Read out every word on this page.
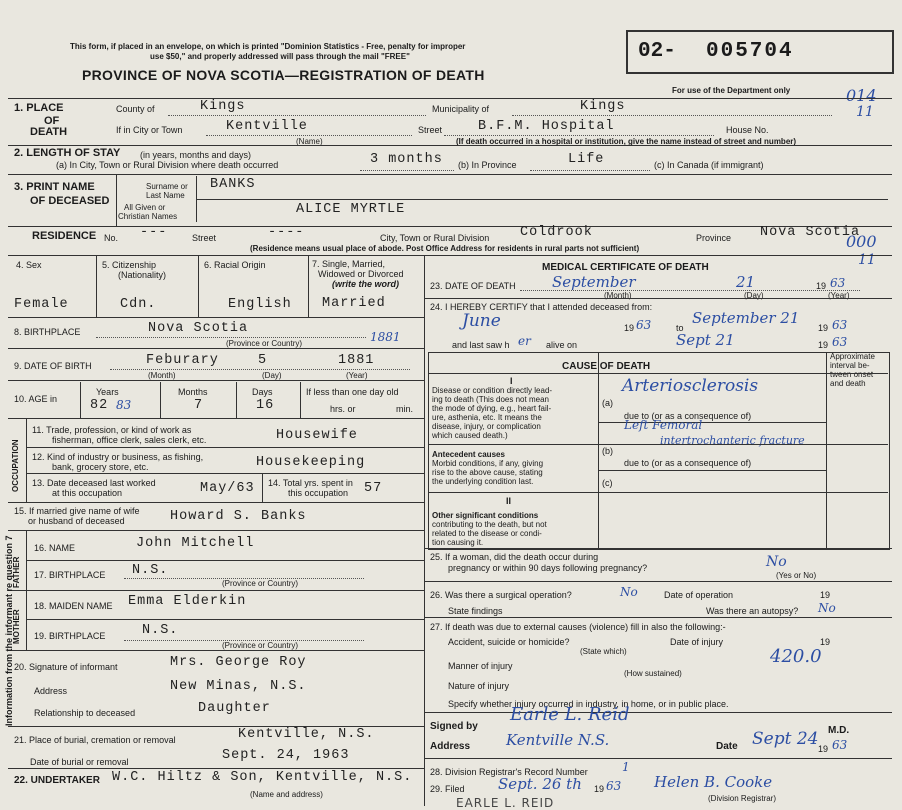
This form, if placed in an envelope, on which is printed "Dominion Statistics - Free, penalty for improper
use $50," and properly addressed will pass through the mail "FREE"
PROVINCE OF NOVA SCOTIA—REGISTRATION OF DEATH
02- 005704
For use of the Department only	014
11
1. PLACE
OF
DEATH
County of	Kings	Municipality of	Kings
If in City or Town	Kentville
(Name)
Street	B.F.M. Hospital	House No.
(If death occurred in a hospital or institution, give the name instead of street and number)
2. LENGTH OF STAY (in years, months and days)
(a) In City, Town or Rural Division where death occurred	3 months (b) In Province	Life	(c) In Canada (if immigrant)
3. PRINT NAME
OF DECEASED
Surname or
Last Name
All Given or
Christian Names
BANKS
ALICE MYRTLE
RESIDENCE No. ---	Street	----	City, Town or Rural Division Coldrook	Province Nova Scotia
(Residence means usual place of abode. Post Office Address for residents in rural parts not sufficient)	000
11
4. Sex	5. Citizenship
(Nationality)
6. Racial Origin	7. Single, Married,
Widowed or Divorced
(write the word)
Female	Cdn.	English Married
8. BIRTHPLACE	Nova Scotia
(Province or Country)	1881
9. DATE OF BIRTH	Feburary	5	1881
(Month)	(Day)	(Year)
10. AGE in
Years	Months	Days
82 83	7	16
If less than one day old
hrs. or	min.
OCCUPATION
11. Trade, profession, or kind of work as
fisherman, office clerk, sales clerk, etc.	Housewife
12. Kind of industry or business, as fishing,
bank, grocery store, etc.	Housekeeping
13. Date deceased last worked
at this occupation	May/63 14. Total yrs. spent in
this occupation 57
15. If married give name of wife
or husband of deceased	Howard S. Banks
FATHER
16. NAME	John Mitchell
17. BIRTHPLACE N.S.
(Province or Country)
MOTHER
18. MAIDEN NAME Emma Elderkin
19. BIRTHPLACE	N.S.
(Province or Country)
Information from the informant re question 7 20. Signature of informant	Mrs. George Roy
Address	New Minas, N.S.
Relationship to deceased	Daughter
21. Place of burial, cremation or removal	Kentville, N.S.
Date of burial or removal	Sept. 24, 1963
22. UNDERTAKER W.C. Hiltz & Son, Kentville, N.S.
(Name and address)
MEDICAL CERTIFICATE OF DEATH
23. DATE OF DEATH September	21	19 63
(Month)	(Day)	(Year)
24. I HEREBY CERTIFY that I attended deceased from:
June	19 63	to
September 21
19 63
and last saw h er alive on	Sept 21	19 63
CAUSE OF DEATH
Approximate
interval be-
tween onset
and death
I
Disease or condition directly lead-
ing to death (This does not mean
the mode of dying, e.g., heart fail-
ure, asthenia, etc. It means the
disease, injury, or complication
which caused death.)
(a)
Arteriosclerosis
due to (or as a consequence of)
Left Femoral
intertrochanteric fracture
(b)
Antecedent causes
Morbid conditions, if any, giving
rise to the above cause, stating
the underlying condition last.
due to (or as a consequence of)
(c)
II
Other significant conditions
contributing to the death, but not
related to the disease or condi-
tion causing it.
25. If a woman, did the death occur during
pregnancy or within 90 days following pregnancy?	No
(Yes or No)
26. Was there a surgical operation?	No	Date of operation	19
State findings	Was there an autopsy? No
27. If death was due to external causes (violence) fill in also the following:-
Accident, suicide or homicide?	Date of injury	19
(State which)	420.0
Manner of injury
(How sustained)
Nature of injury
Specify whether injury occurred in industry, in home, or in public place.
Signed by
Earle L. Reid
M.D.
Address Kentville N.S.	Date Sept 24 19 63
28. Division Registrar's Record Number	1
29. Filed Sept. 26 th 19 63 Helen B. Cooke
(Division Registrar)
EARLE L. REID
